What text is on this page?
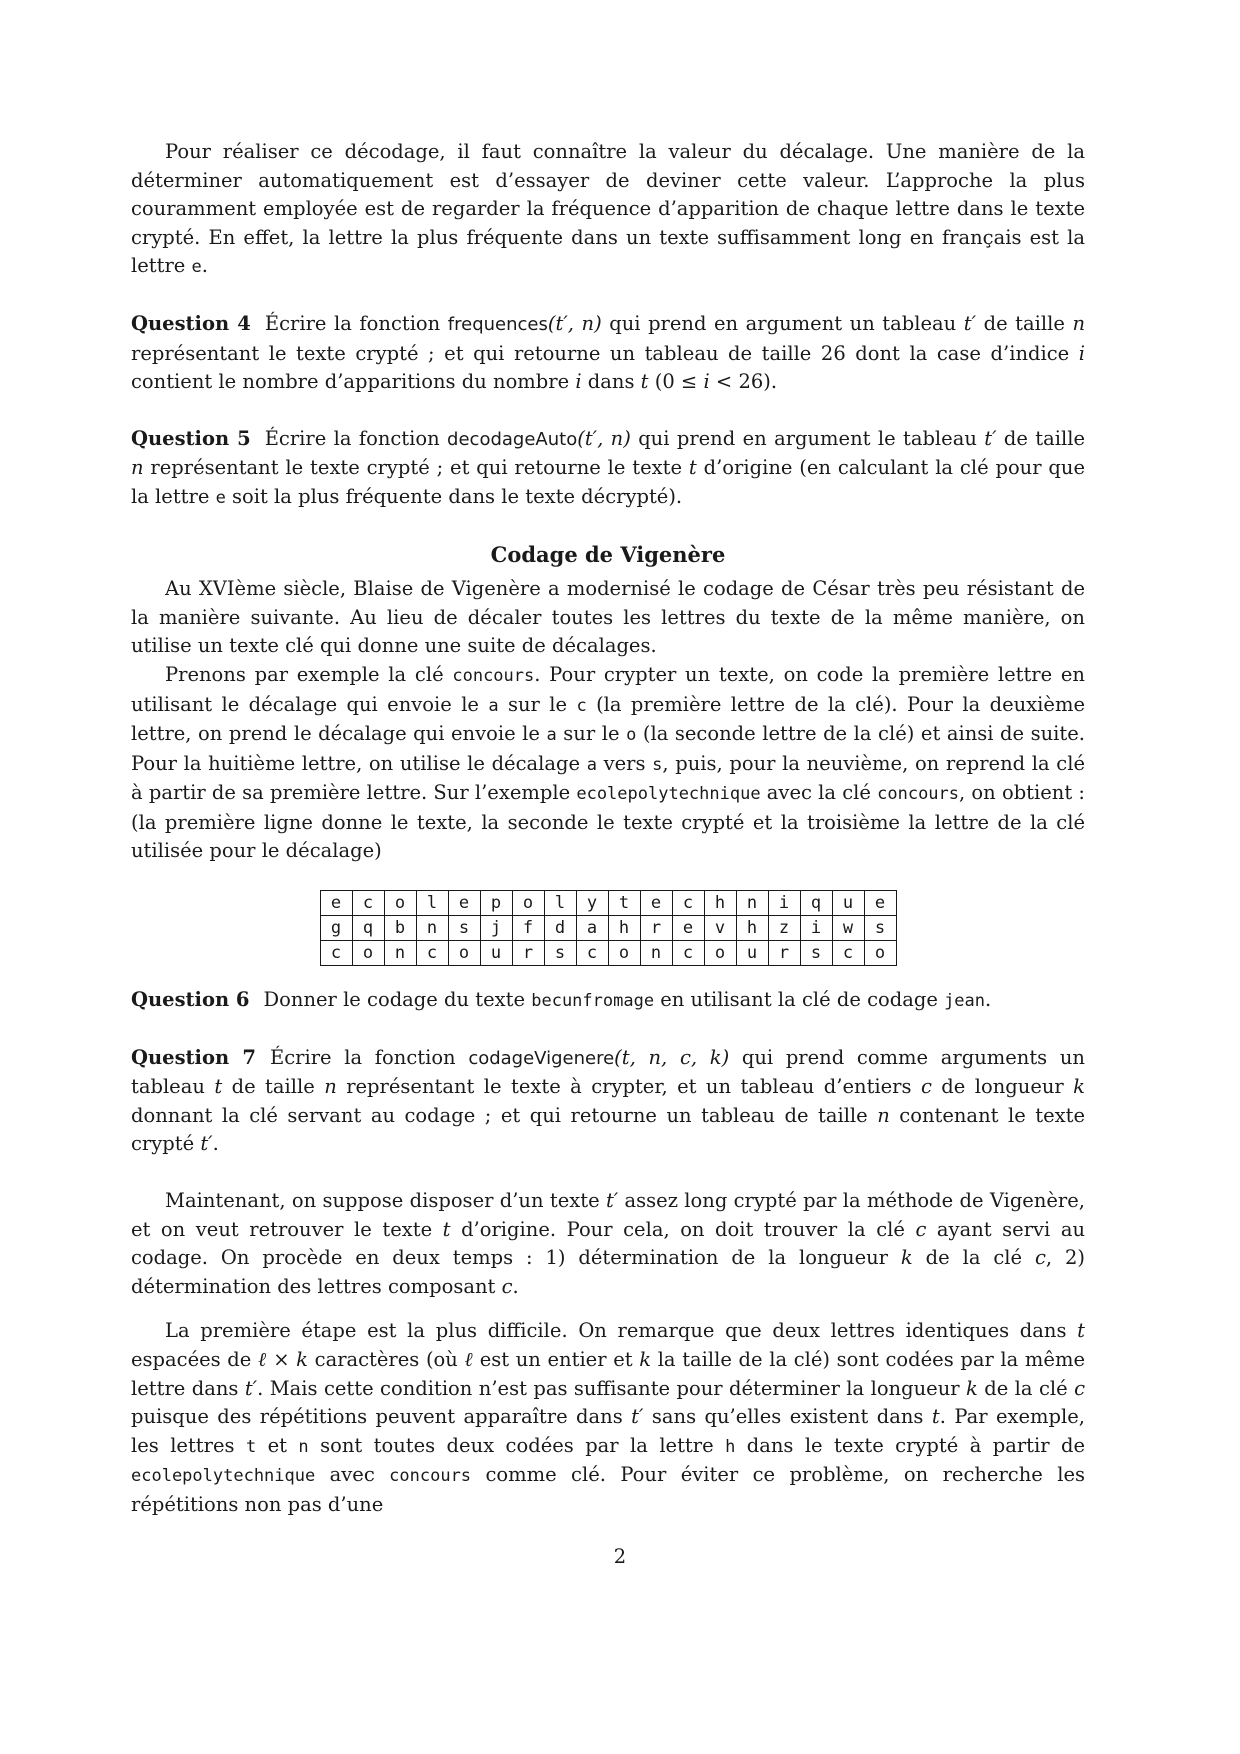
Pour réaliser ce décodage, il faut connaître la valeur du décalage. Une manière de la déterminer automatiquement est d’essayer de deviner cette valeur. L’approche la plus couramment employée est de regarder la fréquence d’apparition de chaque lettre dans le texte crypté. En effet, la lettre la plus fréquente dans un texte suffisamment long en français est la lettre e.

Question 4 Écrire la fonction frequences(t′, n) qui prend en argument un tableau t′ de taille n représentant le texte crypté ; et qui retourne un tableau de taille 26 dont la case d’indice i contient le nombre d’apparitions du nombre i dans t (0 ≤ i < 26).

Question 5 Écrire la fonction decodageAuto(t′, n) qui prend en argument le tableau t′ de taille n représentant le texte crypté ; et qui retourne le texte t d’origine (en calculant la clé pour que la lettre e soit la plus fréquente dans le texte décrypté).

Codage de Vigenère

Au XVIème siècle, Blaise de Vigenère a modernisé le codage de César très peu résistant de la manière suivante. Au lieu de décaler toutes les lettres du texte de la même manière, on utilise un texte clé qui donne une suite de décalages.

Prenons par exemple la clé concours. Pour crypter un texte, on code la première lettre en utilisant le décalage qui envoie le a sur le c (la première lettre de la clé). Pour la deuxième lettre, on prend le décalage qui envoie le a sur le o (la seconde lettre de la clé) et ainsi de suite. Pour la huitième lettre, on utilise le décalage a vers s, puis, pour la neuvième, on reprend la clé à partir de sa première lettre. Sur l’exemple ecolepolytechnique avec la clé concours, on obtient : (la première ligne donne le texte, la seconde le texte crypté et la troisième la lettre de la clé utilisée pour le décalage)

e	c	o	l	e	p	o	l	y	t	e	c	h	n	i	q	u	e
g	q	b	n	s	j	f	d	a	h	r	e	v	h	z	i	w	s
c	o	n	c	o	u	r	s	c	o	n	c	o	u	r	s	c	o

Question 6 Donner le codage du texte becunfromage en utilisant la clé de codage jean.

Question 7 Écrire la fonction codageVigenere(t, n, c, k) qui prend comme arguments un tableau t de taille n représentant le texte à crypter, et un tableau d’entiers c de longueur k donnant la clé servant au codage ; et qui retourne un tableau de taille n contenant le texte crypté t′.

Maintenant, on suppose disposer d’un texte t′ assez long crypté par la méthode de Vigenère, et on veut retrouver le texte t d’origine. Pour cela, on doit trouver la clé c ayant servi au codage. On procède en deux temps : 1) détermination de la longueur k de la clé c, 2) détermination des lettres composant c.

La première étape est la plus difficile. On remarque que deux lettres identiques dans t espacées de ℓ × k caractères (où ℓ est un entier et k la taille de la clé) sont codées par la même lettre dans t′. Mais cette condition n’est pas suffisante pour déterminer la longueur k de la clé c puisque des répétitions peuvent apparaître dans t′ sans qu’elles existent dans t. Par exemple, les lettres t et n sont toutes deux codées par la lettre h dans le texte crypté à partir de ecolepolytechnique avec concours comme clé. Pour éviter ce problème, on recherche les répétitions non pas d’une

2
